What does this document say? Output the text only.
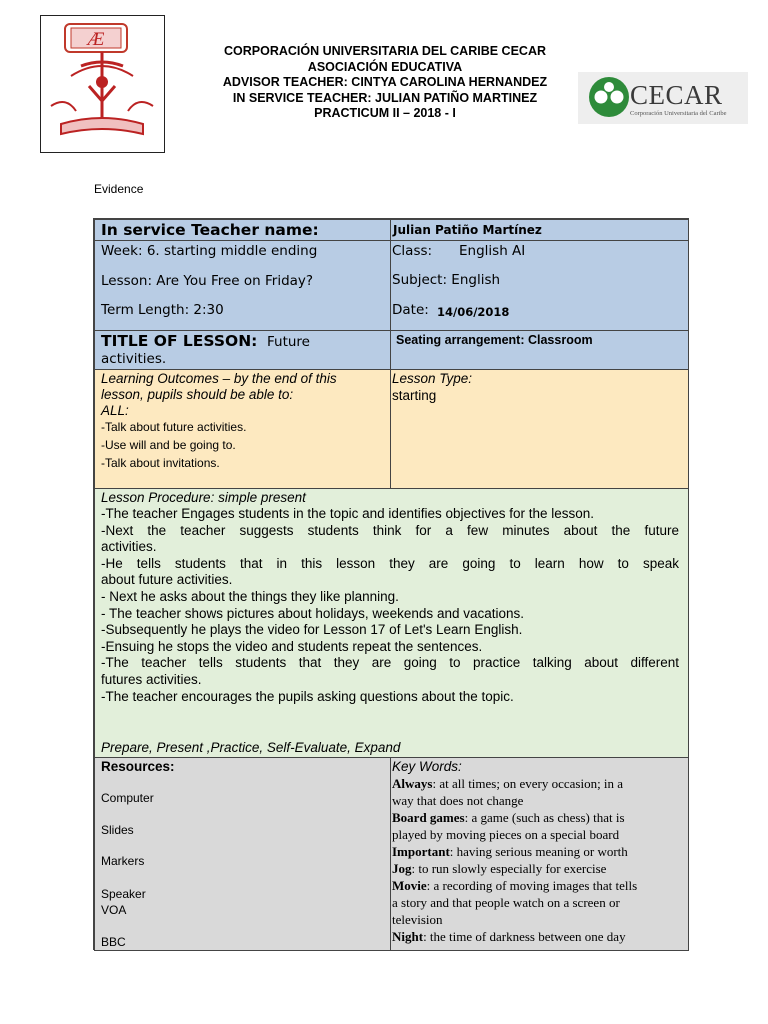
Æ
CORPORACIÓN UNIVERSITARIA DEL CARIBE CECAR
ASOCIACIÓN EDUCATIVA
ADVISOR TEACHER: CINTYA CAROLINA HERNANDEZ
IN SERVICE TEACHER: JULIAN PATIÑO MARTINEZ
PRACTICUM II – 2018 - I
CECAR
Corporación Universitaria del Caribe
Evidence
In service Teacher name:	Julian Patiño Martínez
Week: 6. starting middle ending
Lesson: Are You Free on Friday?
Term Length: 2:30
Class: English AI
Subject: English
Date: 14/06/2018
TITLE OF LESSON: Future
activities.
Seating arrangement: Classroom
Learning Outcomes – by the end of this
lesson, pupils should be able to:
ALL:
-Talk about future activities.
-Use will and be going to.
-Talk about invitations.
Lesson Type:
starting
Lesson Procedure: simple present
-The teacher Engages students in the topic and identifies objectives for the lesson.
-Next the teacher suggests students think for a few minutes about the future
activities.
-He tells students that in this lesson they are going to learn how to speak
about future activities.
- Next he asks about the things they like planning.
- The teacher shows pictures about holidays, weekends and vacations.
-Subsequently he plays the video for Lesson 17 of Let's Learn English.
-Ensuing he stops the video and students repeat the sentences.
-The teacher tells students that they are going to practice talking about different
futures activities.
-The teacher encourages the pupils asking questions about the topic.
Prepare, Present ,Practice, Self-Evaluate, Expand
Resources:
Computer
Slides
Markers
Speaker
VOA
BBC
Key Words:
Always: at all times; on every occasion; in a
way that does not change
Board games: a game (such as chess) that is
played by moving pieces on a special board
Important: having serious meaning or worth
Jog: to run slowly especially for exercise
Movie: a recording of moving images that tells
a story and that people watch on a screen or
television
Night: the time of darkness between one day
